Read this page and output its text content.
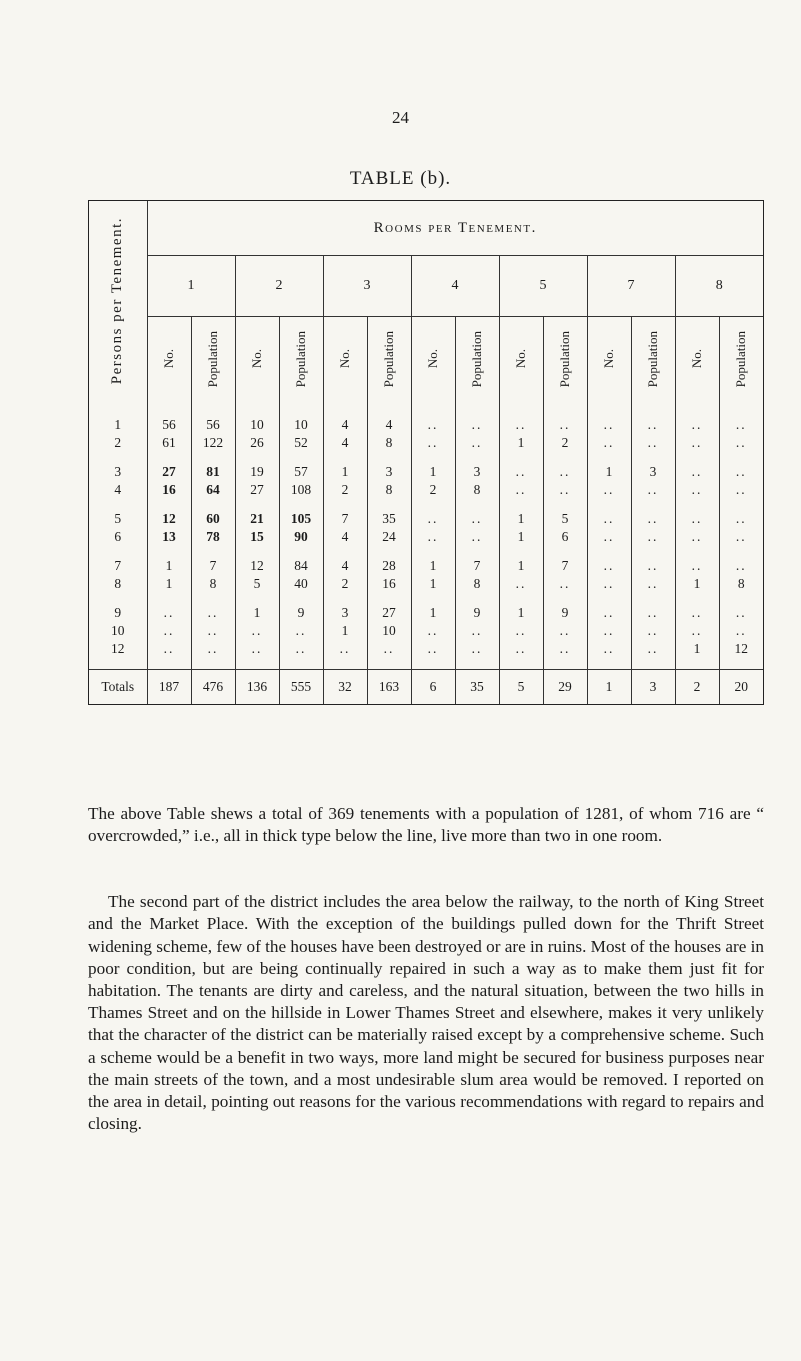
24
TABLE (b).
Persons per Tenement.	Rooms per Tenement.													
	1		2		3		4		5		7		8	
	No.	Population	No.	Population	No.	Population	No.	Population	No.	Population	No.	Population	No.	Population

1	56	56	10	10	4	4	..	..	..	..	..	..	..	..
2	61	122	26	52	4	8	..	..	1	2	..	..	..	..

3	27	81	19	57	1	3	1	3	..	..	1	3	..	..
4	16	64	27	108	2	8	2	8	..	..	..	..	..	..

5	12	60	21	105	7	35	..	..	1	5	..	..	..	..
6	13	78	15	90	4	24	..	..	1	6	..	..	..	..

7	1	7	12	84	4	28	1	7	1	7	..	..	..	..
8	1	8	5	40	2	16	1	8	..	..	..	..	1	8

9	..	..	1	9	3	27	1	9	1	9	..	..	..	..
10	..	..	..	..	1	10	..	..	..	..	..	..	..	..
12	..	..	..	..	..	..	..	..	..	..	..	..	1	12

Totals	187	476	136	555	32	163	6	35	5	29	1	3	2	20

The above Table shews a total of 369 tenements with a population of 1281, of whom 716 are “ overcrowded,” i.e., all in thick type below the line, live more than two in one room.

The second part of the district includes the area below the railway, to the north of King Street and the Market Place. With the exception of the buildings pulled down for the Thrift Street widening scheme, few of the houses have been destroyed or are in ruins. Most of the houses are in poor condition, but are being continually repaired in such a way as to make them just fit for habitation. The tenants are dirty and careless, and the natural situation, between the two hills in Thames Street and on the hillside in Lower Thames Street and elsewhere, makes it very unlikely that the character of the district can be materially raised except by a comprehensive scheme. Such a scheme would be a benefit in two ways, more land might be secured for business purposes near the main streets of the town, and a most undesirable slum area would be removed. I reported on the area in detail, pointing out reasons for the various recommendations with regard to repairs and closing.
